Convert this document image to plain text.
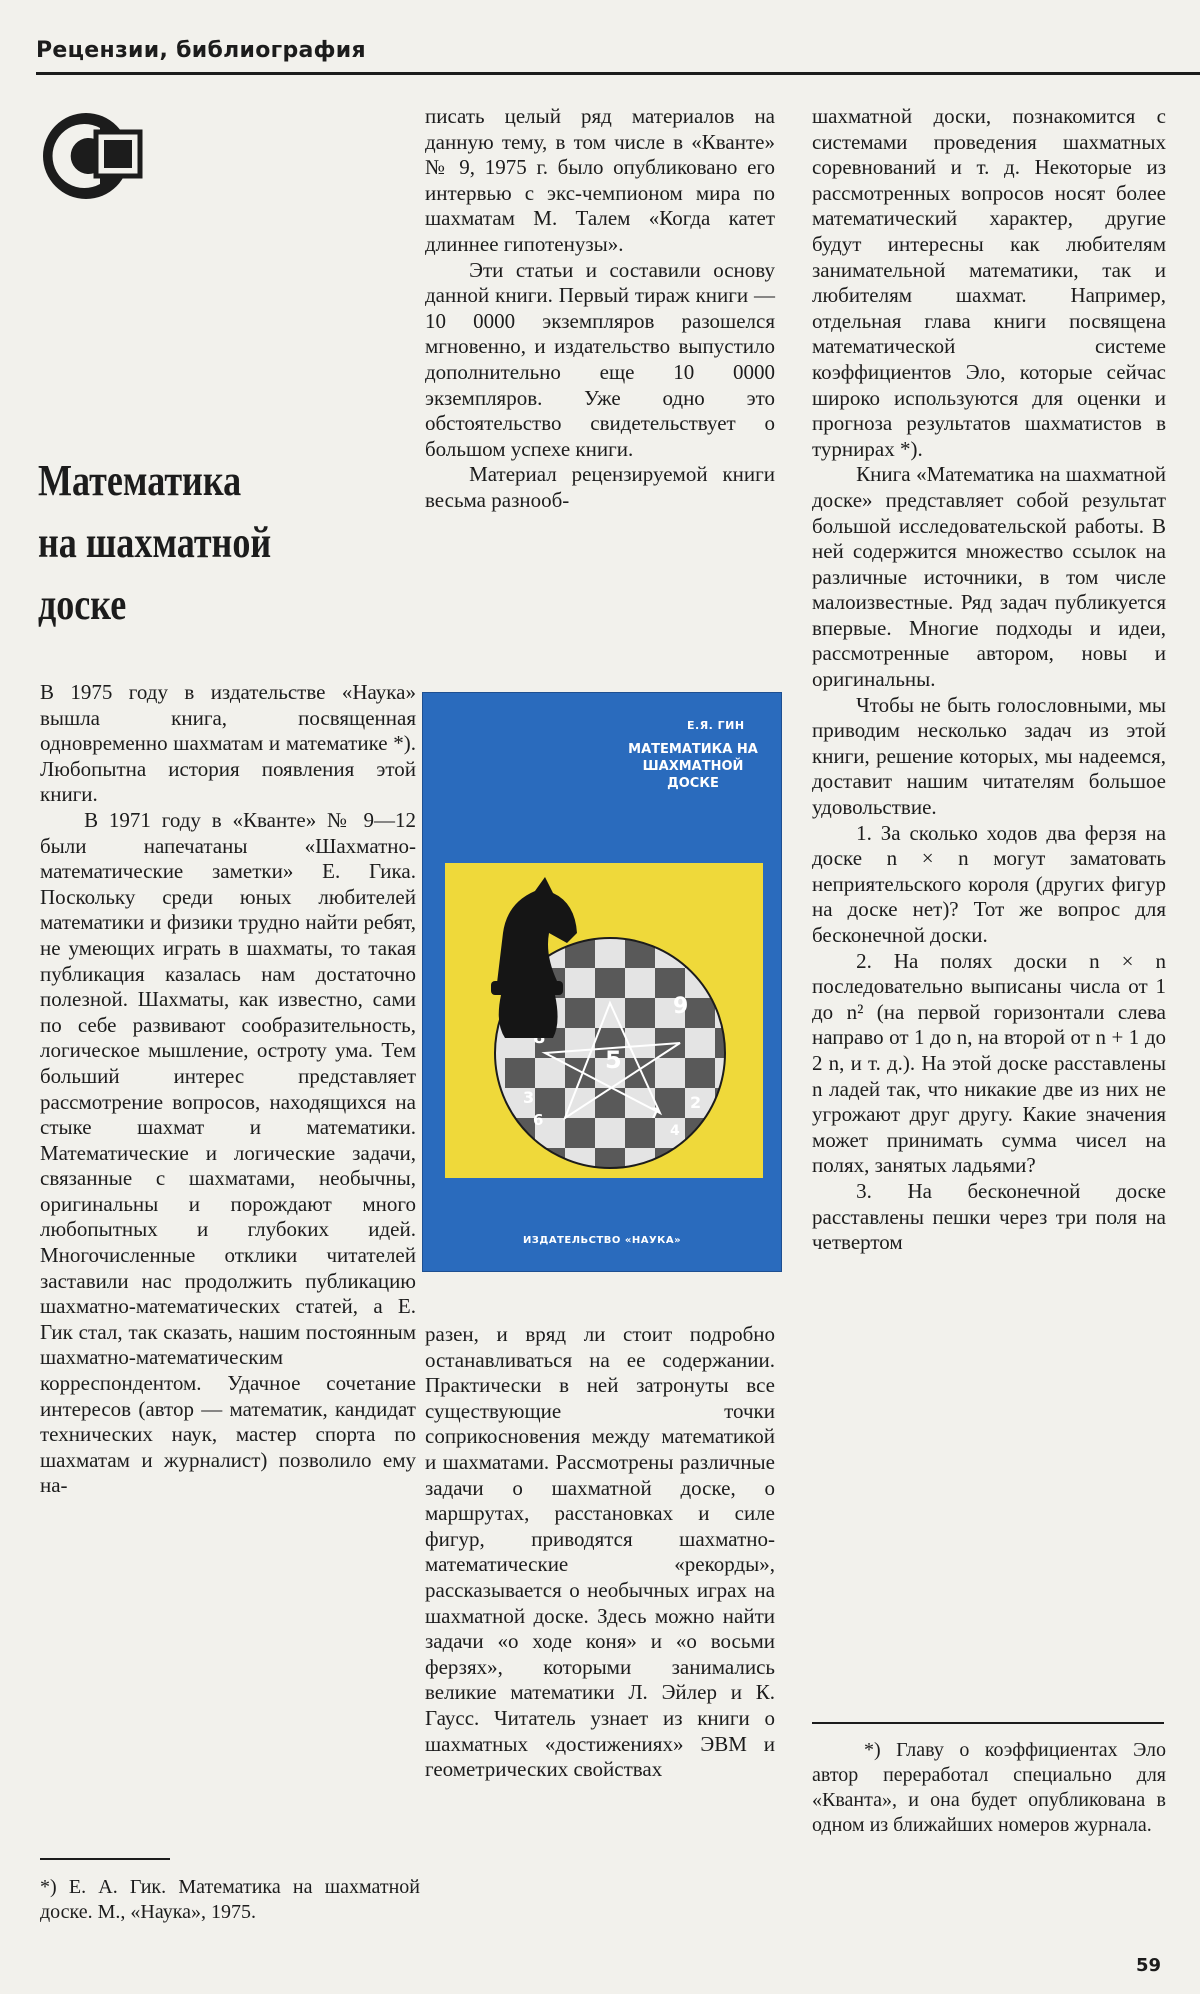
Рецензии, библиография
Математика
на шахматной
доске

В 1975 году в издательстве «Наука» вышла книга, посвященная одновременно шахматам и математике *). Любопытна история появления этой книги.

В 1971 году в «Кванте» № 9—12 были напечатаны «Шахматно-математические заметки» Е. Гика. Поскольку среди юных любителей математики и физики трудно найти ребят, не умеющих играть в шахматы, то такая публикация казалась нам достаточно полезной. Шахматы, как известно, сами по себе развивают сообразительность, логическое мышление, остроту ума. Тем больший интерес представляет рассмотрение вопросов, находящихся на стыке шахмат и математики. Математические и логические задачи, связанные с шахматами, необычны, оригинальны и порождают много любопытных и глубоких идей. Многочисленные отклики читателей заставили нас продолжить публикацию шахматно-математических статей, а Е. Гик стал, так сказать, нашим постоянным шахматно-математическим корреспондентом. Удачное сочетание интересов (автор — математик, кандидат технических наук, мастер спорта по шахматам и журналист) позволило ему на-

*) Е. А. Гик. Математика на шахматной доске. М., «Наука», 1975.

писать целый ряд материалов на данную тему, в том числе в «Кванте» № 9, 1975 г. было опубликовано его интервью с экс-чемпионом мира по шахматам М. Талем «Когда катет длиннее гипотенузы».

Эти статьи и составили основу данной книги. Первый тираж книги — 10 0000 экземпляров разошелся мгновенно, и издательство выпустило дополнительно еще 10 0000 экземпляров. Уже одно это обстоятельство свидетельствует о большом успехе книги.

Материал рецензируемой книги весьма разнооб-

Е.Я. ГИН
МАТЕМАТИКА НА ШАХМАТНОЙ ДОСКЕ
9
5
3
6
2
4
7
ИЗДАТЕЛЬСТВО «НАУКА»

разен, и вряд ли стоит подробно останавливаться на ее содержании. Практически в ней затронуты все существующие точки соприкосновения между математикой и шахматами. Рассмотрены различные задачи о шахматной доске, о маршрутах, расстановках и силе фигур, приводятся шахматно-математические «рекорды», рассказывается о необычных играх на шахматной доске. Здесь можно найти задачи «о ходе коня» и «о восьми ферзях», которыми занимались великие математики Л. Эйлер и К. Гаусс. Читатель узнает из книги о шахматных «достижениях» ЭВМ и геометрических свойствах

шахматной доски, познакомится с системами проведения шахматных соревнований и т. д. Некоторые из рассмотренных вопросов носят более математический характер, другие будут интересны как любителям занимательной математики, так и любителям шахмат. Например, отдельная глава книги посвящена математической системе коэффициентов Эло, которые сейчас широко используются для оценки и прогноза результатов шахматистов в турнирах *).

Книга «Математика на шахматной доске» представляет собой результат большой исследовательской работы. В ней содержится множество ссылок на различные источники, в том числе малоизвестные. Ряд задач публикуется впервые. Многие подходы и идеи, рассмотренные автором, новы и оригинальны.

Чтобы не быть голословными, мы приводим несколько задач из этой книги, решение которых, мы надеемся, доставит нашим читателям большое удовольствие.

1. За сколько ходов два ферзя на доске n × n могут заматовать неприятельского короля (других фигур на доске нет)? Тот же вопрос для бесконечной доски.

2. На полях доски n × n последовательно выписаны числа от 1 до n² (на первой горизонтали слева направо от 1 до n, на второй от n + 1 до 2 n, и т. д.). На этой доске расставлены n ладей так, что никакие две из них не угрожают друг другу. Какие значения может принимать сумма чисел на полях, занятых ладьями?

3. На бесконечной доске расставлены пешки через три поля на четвертом

*) Главу о коэффициентах Эло автор переработал специально для «Кванта», и она будет опубликована в одном из ближайших номеров журнала.
59
